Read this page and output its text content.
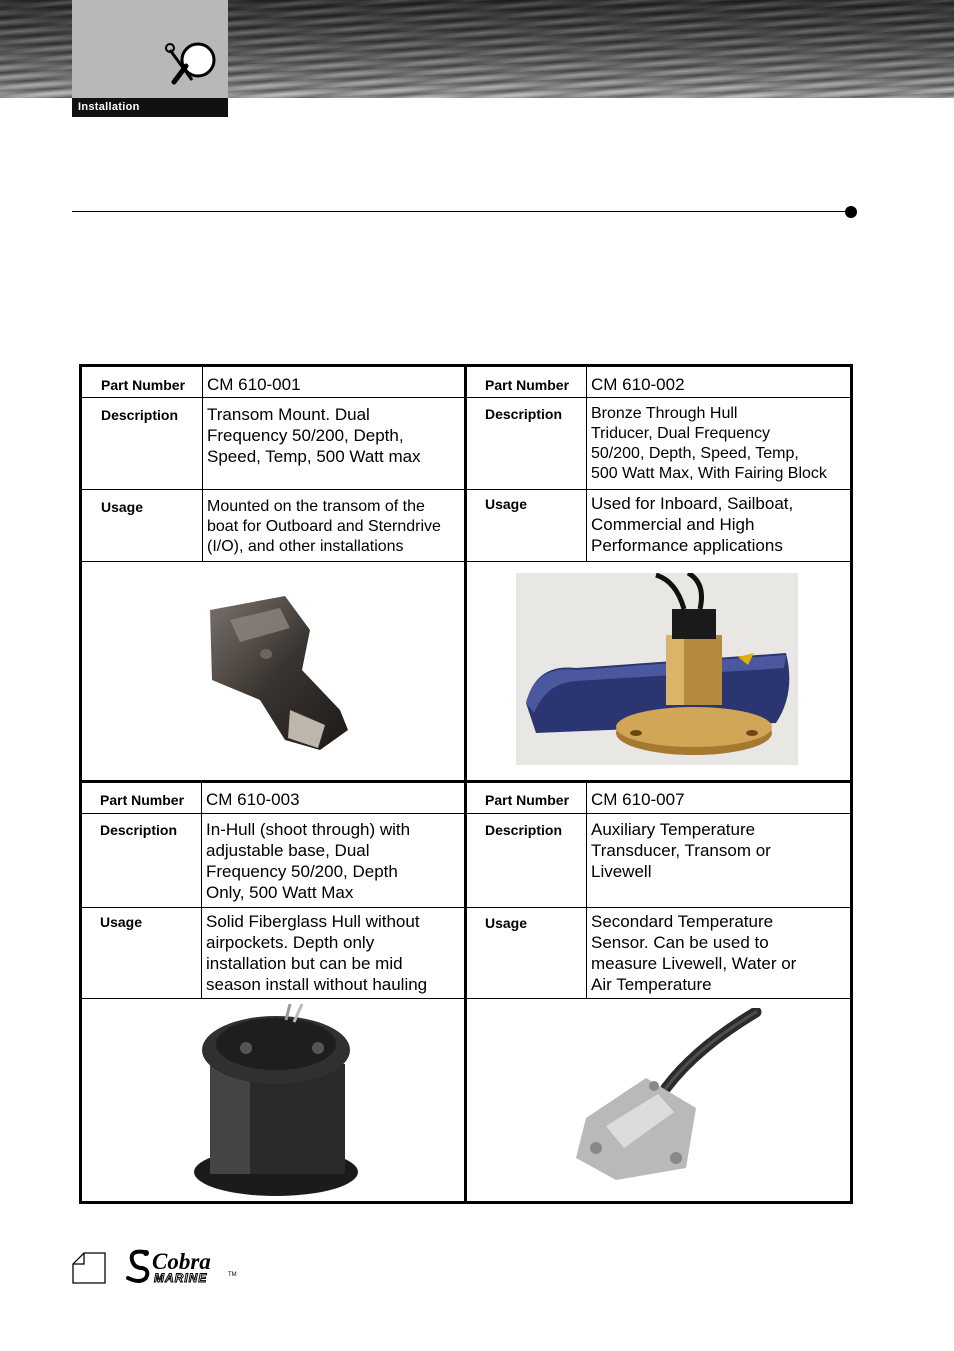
Installation
Part Number CM 610-001
Description Transom Mount. Dual
Frequency 50/200, Depth,
Speed, Temp, 500 Watt max
Usage	Mounted on the transom of the
boat for Outboard and Sterndrive
(I/O), and other installations
Part Number CM 610-002
Description Bronze Through Hull
Triducer, Dual Frequency
50/200, Depth, Speed, Temp,
500 Watt Max, With Fairing Block
Usage	Used for Inboard, Sailboat,
Commercial and High
Performance applications
Part Number CM 610-003
Description In-Hull (shoot through) with
adjustable base, Dual
Frequency 50/200, Depth
Only, 500 Watt Max
Usage	Solid Fiberglass Hull without
airpockets. Depth only
installation but can be mid
season install without hauling
Part Number CM 610-007
Description Auxiliary Temperature
Transducer, Transom or
Livewell
Usage	Secondard Temperature
Sensor. Can be used to
measure Livewell, Water or
Air Temperature
Cobra
MARINE	TM
